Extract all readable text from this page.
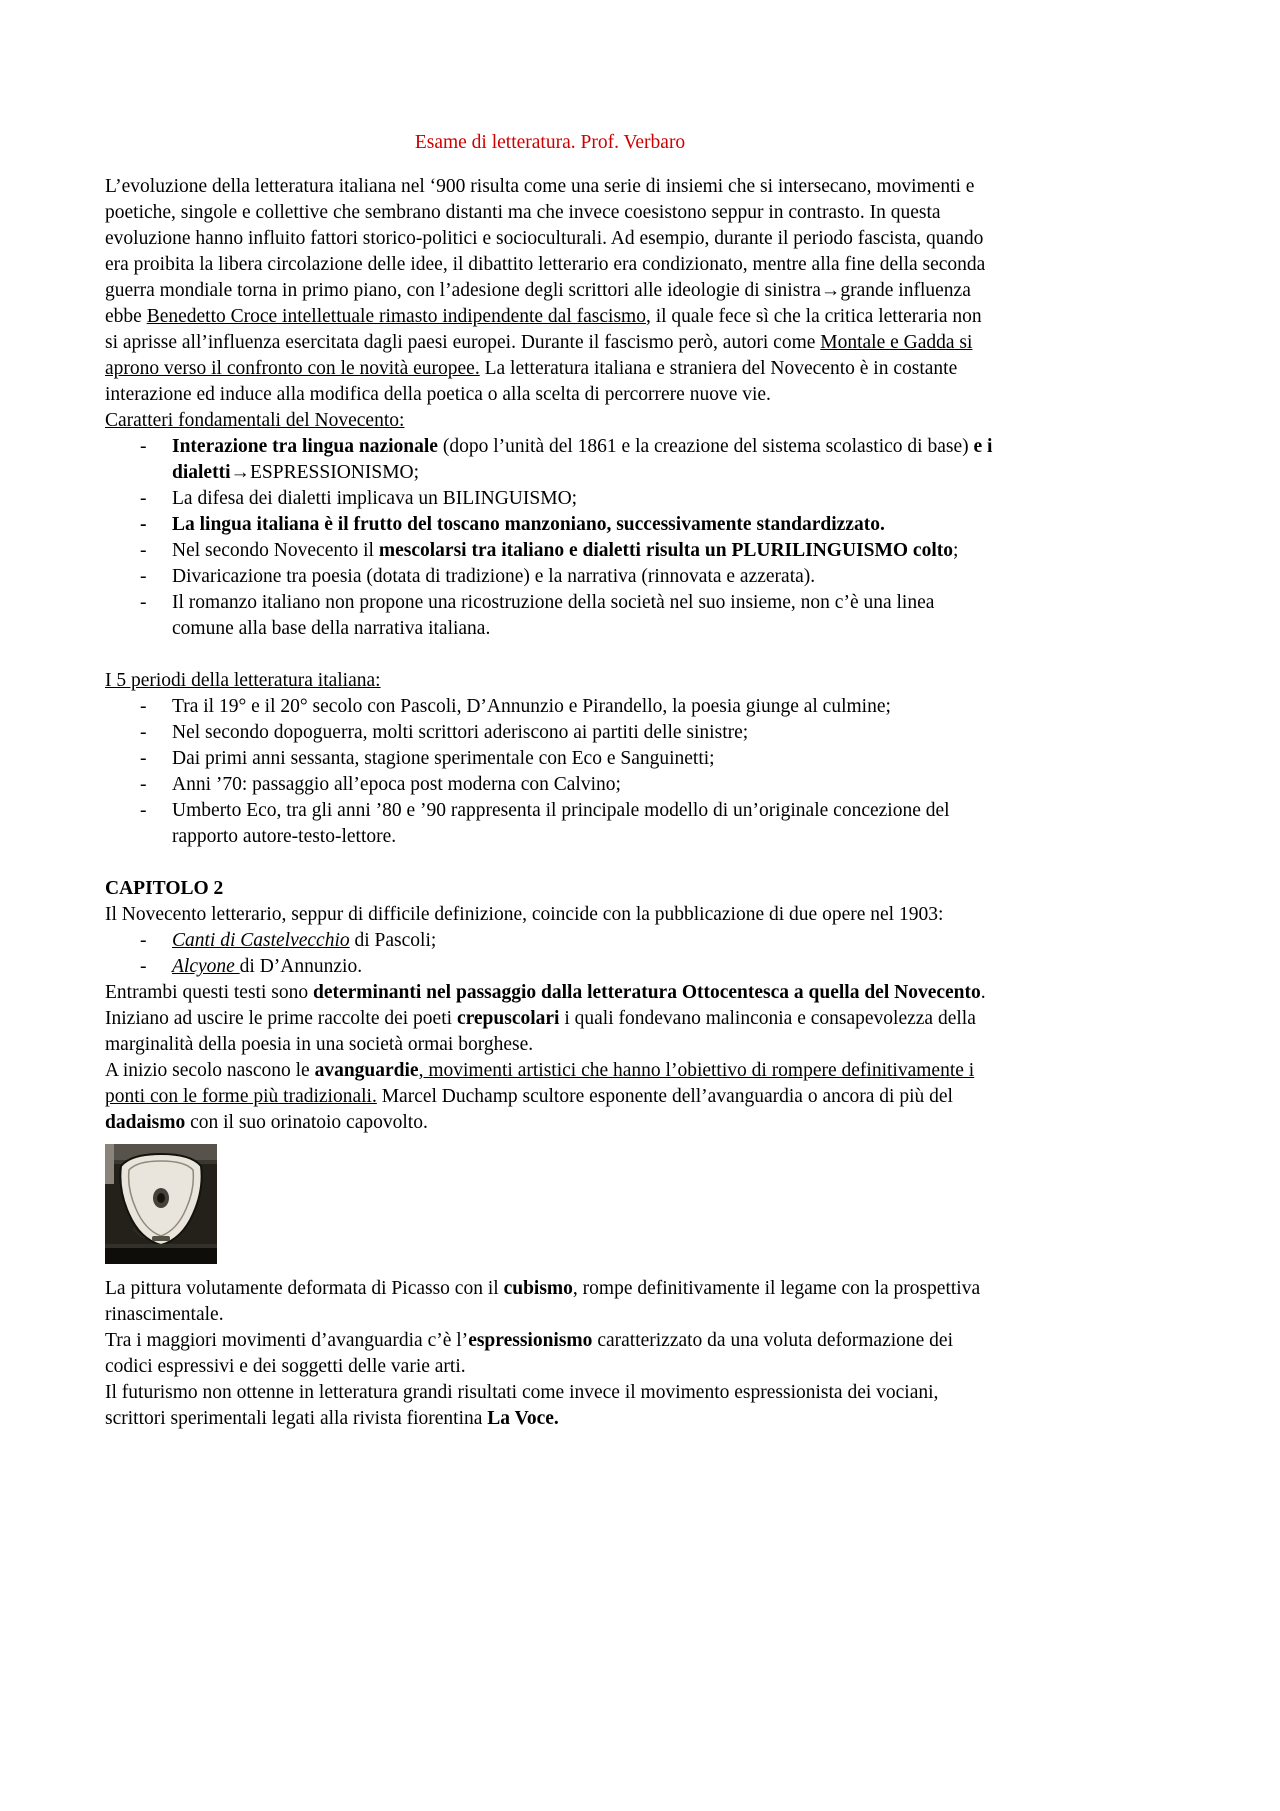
Esame di letteratura. Prof. Verbaro

L’evoluzione della letteratura italiana nel ‘900 risulta come una serie di insiemi che si intersecano, movimenti e poetiche, singole e collettive che sembrano distanti ma che invece coesistono seppur in contrasto. In questa evoluzione hanno influito fattori storico-politici e socioculturali. Ad esempio, durante il periodo fascista, quando era proibita la libera circolazione delle idee, il dibattito letterario era condizionato, mentre alla fine della seconda guerra mondiale torna in primo piano, con l’adesione degli scrittori alle ideologie di sinistra→grande influenza ebbe Benedetto Croce intellettuale rimasto indipendente dal fascismo, il quale fece sì che la critica letteraria non si aprisse all’influenza esercitata dagli paesi europei. Durante il fascismo però, autori come Montale e Gadda si aprono verso il confronto con le novità europee. La letteratura italiana e straniera del Novecento è in costante interazione ed induce alla modifica della poetica o alla scelta di percorrere nuove vie.

Caratteri fondamentali del Novecento:

- Interazione tra lingua nazionale (dopo l’unità del 1861 e la creazione del sistema scolastico di base) e i dialetti→ESPRESSIONISMO;
- La difesa dei dialetti implicava un BILINGUISMO;
- La lingua italiana è il frutto del toscano manzoniano, successivamente standardizzato.
- Nel secondo Novecento il mescolarsi tra italiano e dialetti risulta un PLURILINGUISMO colto;
- Divaricazione tra poesia (dotata di tradizione) e la narrativa (rinnovata e azzerata).
- Il romanzo italiano non propone una ricostruzione della società nel suo insieme, non c’è una linea comune alla base della narrativa italiana.

I 5 periodi della letteratura italiana:

- Tra il 19° e il 20° secolo con Pascoli, D’Annunzio e Pirandello, la poesia giunge al culmine;
- Nel secondo dopoguerra, molti scrittori aderiscono ai partiti delle sinistre;
- Dai primi anni sessanta, stagione sperimentale con Eco e Sanguinetti;
- Anni ’70: passaggio all’epoca post moderna con Calvino;
- Umberto Eco, tra gli anni ’80 e ’90 rappresenta il principale modello di un’originale concezione del rapporto autore-testo-lettore.

CAPITOLO 2

Il Novecento letterario, seppur di difficile definizione, coincide con la pubblicazione di due opere nel 1903:

- Canti di Castelvecchio di Pascoli;
- Alcyone di D’Annunzio.

Entrambi questi testi sono determinanti nel passaggio dalla letteratura Ottocentesca a quella del Novecento.

Iniziano ad uscire le prime raccolte dei poeti crepuscolari i quali fondevano malinconia e consapevolezza della marginalità della poesia in una società ormai borghese.

A inizio secolo nascono le avanguardie, movimenti artistici che hanno l’obiettivo di rompere definitivamente i ponti con le forme più tradizionali. Marcel Duchamp scultore esponente dell’avanguardia o ancora di più del dadaismo con il suo orinatoio capovolto.

La pittura volutamente deformata di Picasso con il cubismo, rompe definitivamente il legame con la prospettiva rinascimentale.

Tra i maggiori movimenti d’avanguardia c’è l’espressionismo caratterizzato da una voluta deformazione dei codici espressivi e dei soggetti delle varie arti.

Il futurismo non ottenne in letteratura grandi risultati come invece il movimento espressionista dei vociani, scrittori sperimentali legati alla rivista fiorentina La Voce.
